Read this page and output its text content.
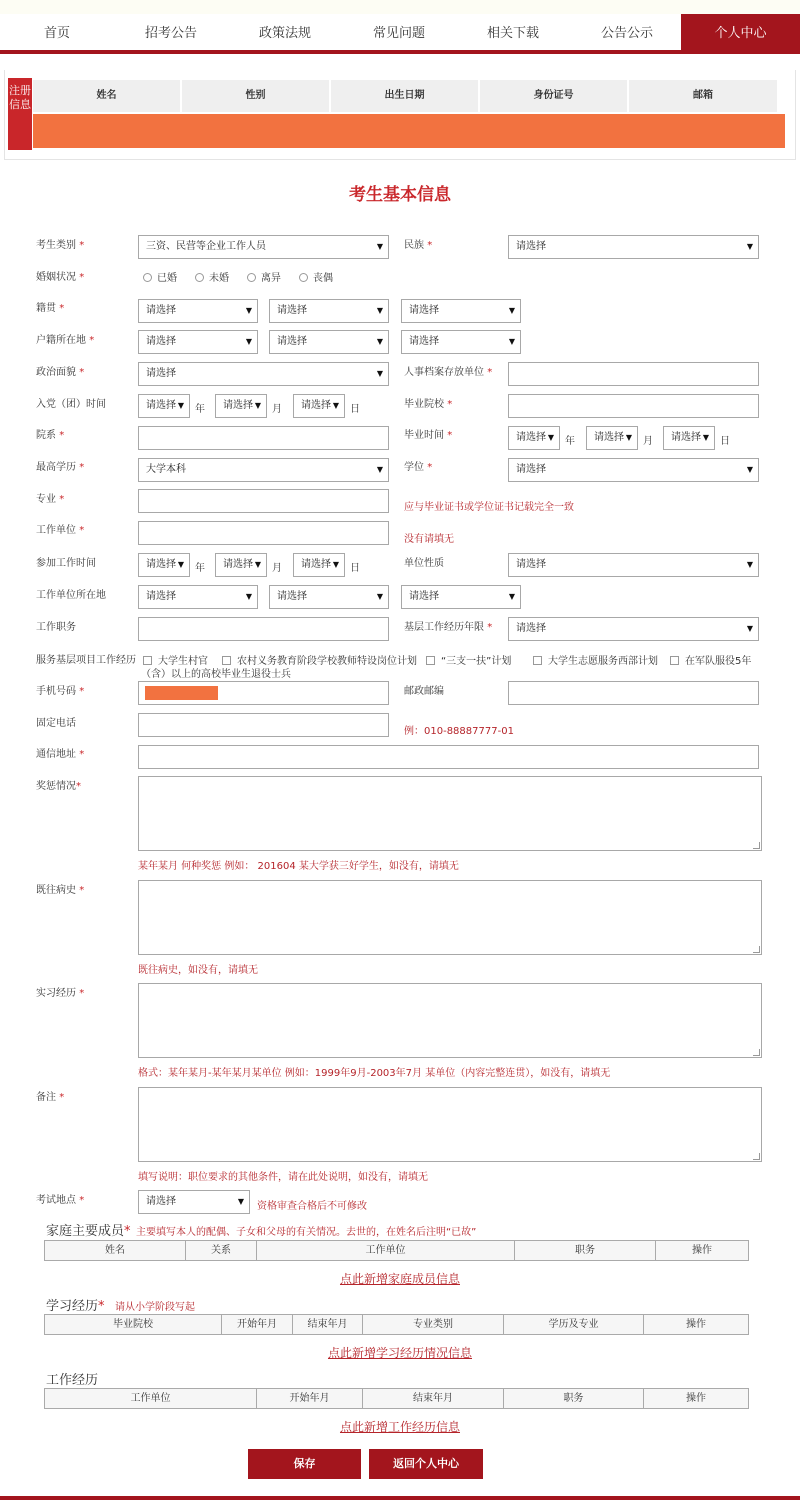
首页	招考公告	政策法规	常见问题	相关下载	公告公示	个人中心
注册信息
姓名	性别	出生日期	身份证号	邮箱
考生基本信息
考生类别 *	三资、民营等企业工作人员	▼ 民族 *	请选择	▼
婚姻状况 *	已婚	未婚	离异	丧偶
籍贯 *	请选择	▼	请选择	▼	请选择	▼
户籍所在地 *	请选择	▼	请选择	▼	请选择	▼
政治面貌 *	请选择	▼ 人事档案存放单位 *
入党（团）时间	请选择 ▼ 年	请选择 ▼ 月	请选择 ▼ 日	毕业院校 *
院系 *	毕业时间 *	请选择 ▼ 年	请选择 ▼ 月	请选择 ▼ 日
最高学历 *	大学本科	▼ 学位 *	请选择	▼
专业 *
应与毕业证书或学位证书记载完全一致
工作单位 *
没有请填无
参加工作时间	请选择 ▼ 年	请选择 ▼ 月	请选择 ▼ 日	单位性质	请选择	▼
工作单位所在地	请选择	▼	请选择	▼	请选择	▼
工作职务	基层工作经历年限 *	请选择	▼
服务基层项目工作经历	大学生村官	农村义务教育阶段学校教师特设岗位计划	“三支一扶”计划	大学生志愿服务西部计划	在军队服役5年
（含）以上的高校毕业生退役士兵
手机号码 *	邮政邮编
固定电话
例：010-88887777-01
通信地址 *
奖惩情况*
某年某月 何种奖惩 例如： 201604 某大学获三好学生，如没有，请填无
既往病史 *
既往病史，如没有，请填无
实习经历 *
格式：某年某月-某年某月某单位 例如：1999年9月-2003年7月 某单位（内容完整连贯），如没有，请填无
备注 *
填写说明：职位要求的其他条件，请在此处说明，如没有，请填无
考试地点 *	请选择	▼ 资格审查合格后不可修改
家庭主要成员* 主要填写本人的配偶、子女和父母的有关情况。去世的，在姓名后注明“已故”
姓名	关系	工作单位	职务	操作
点此新增家庭成员信息
学习经历* 请从小学阶段写起
毕业院校	开始年月	结束年月	专业类别	学历及专业	操作
点此新增学习经历情况信息
工作经历
工作单位	开始年月	结束年月	职务	操作
点此新增工作经历信息
保存	返回个人中心
